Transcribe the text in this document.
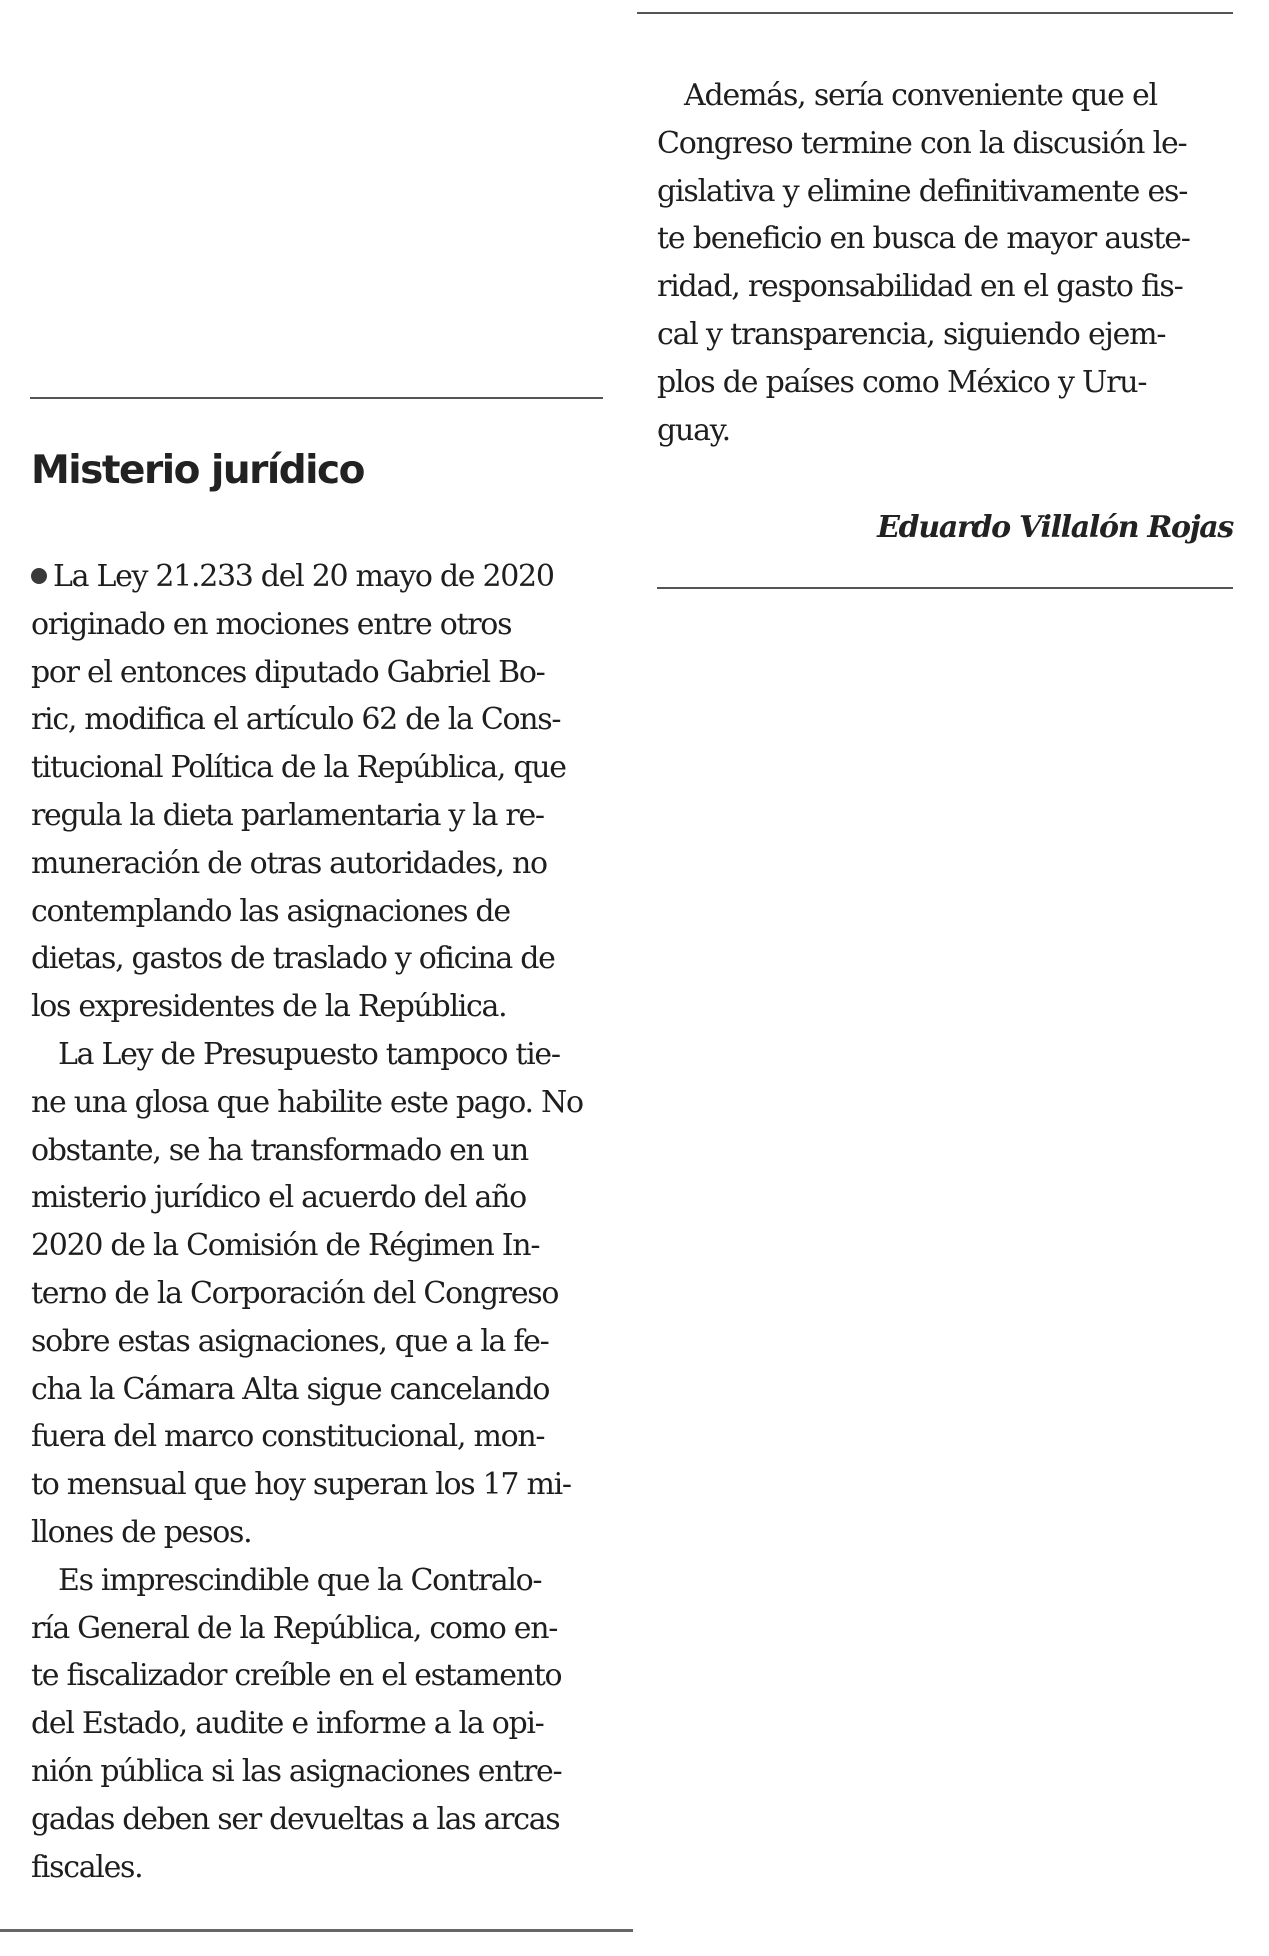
Misterio jurídico
La Ley 21.233 del 20 mayo de 2020
originado en mociones entre otros
por el entonces diputado Gabriel Bo-
ric, modifica el artículo 62 de la Cons-
titucional Política de la República, que
regula la dieta parlamentaria y la re-
muneración de otras autoridades, no
contemplando las asignaciones de
dietas, gastos de traslado y oficina de
los expresidentes de la República.
La Ley de Presupuesto tampoco tie-
ne una glosa que habilite este pago. No
obstante, se ha transformado en un
misterio jurídico el acuerdo del año
2020 de la Comisión de Régimen In-
terno de la Corporación del Congreso
sobre estas asignaciones, que a la fe-
cha la Cámara Alta sigue cancelando
fuera del marco constitucional, mon-
to mensual que hoy superan los 17 mi-
llones de pesos.
Es imprescindible que la Contralo-
ría General de la República, como en-
te fiscalizador creíble en el estamento
del Estado, audite e informe a la opi-
nión pública si las asignaciones entre-
gadas deben ser devueltas a las arcas
fiscales.
Además, sería conveniente que el
Congreso termine con la discusión le-
gislativa y elimine definitivamente es-
te beneficio en busca de mayor auste-
ridad, responsabilidad en el gasto fis-
cal y transparencia, siguiendo ejem-
plos de países como México y Uru-
guay.
Eduardo Villalón Rojas
